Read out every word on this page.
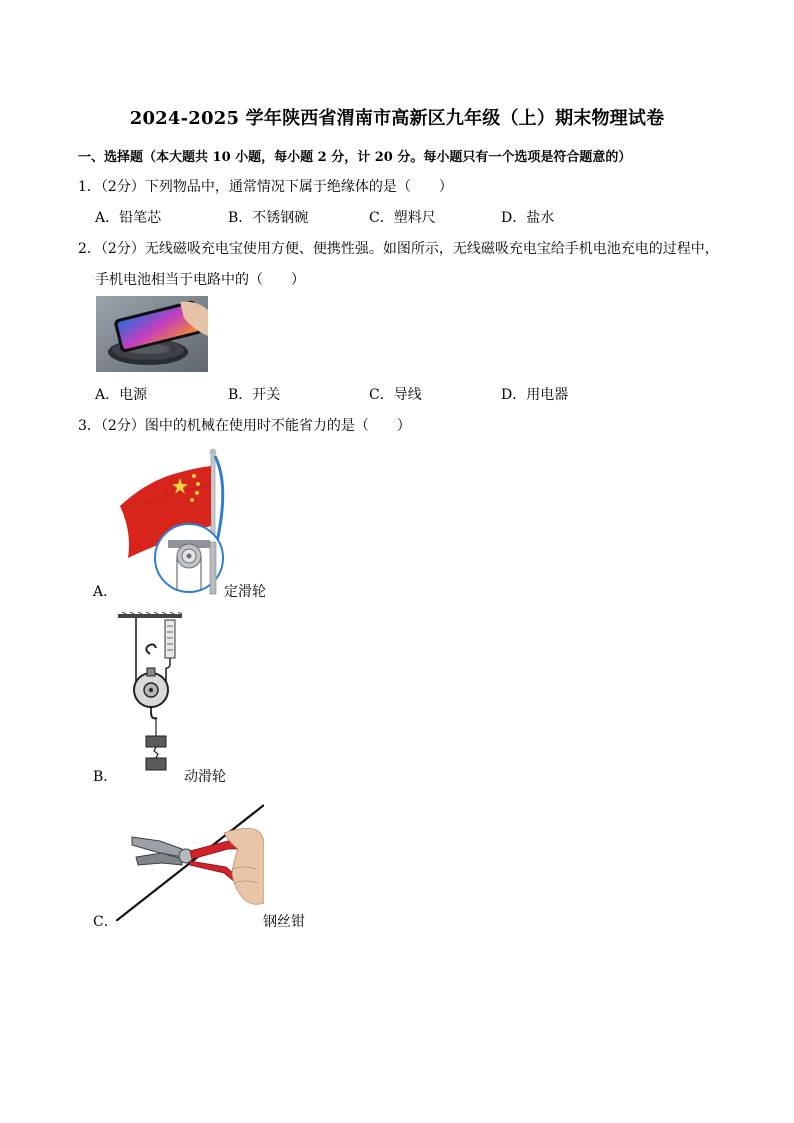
2024-2025 学年陕西省渭南市高新区九年级（上）期末物理试卷
一、选择题（本大题共 10 小题，每小题 2 分，计 20 分。每小题只有一个选项是符合题意的）
1．（2分）下列物品中，通常情况下属于绝缘体的是（　　）
A．铅笔芯	B．不锈钢碗	C．塑料尺	D．盐水
2．（2分）无线磁吸充电宝使用方便、便携性强。如图所示，无线磁吸充电宝给手机电池充电的过程中，
手机电池相当于电路中的（　　）
A．电源	B．开关	C．导线	D．用电器
3．（2分）图中的机械在使用时不能省力的是（　　）
A．	定滑轮
B．	动滑轮
C．	钢丝钳
